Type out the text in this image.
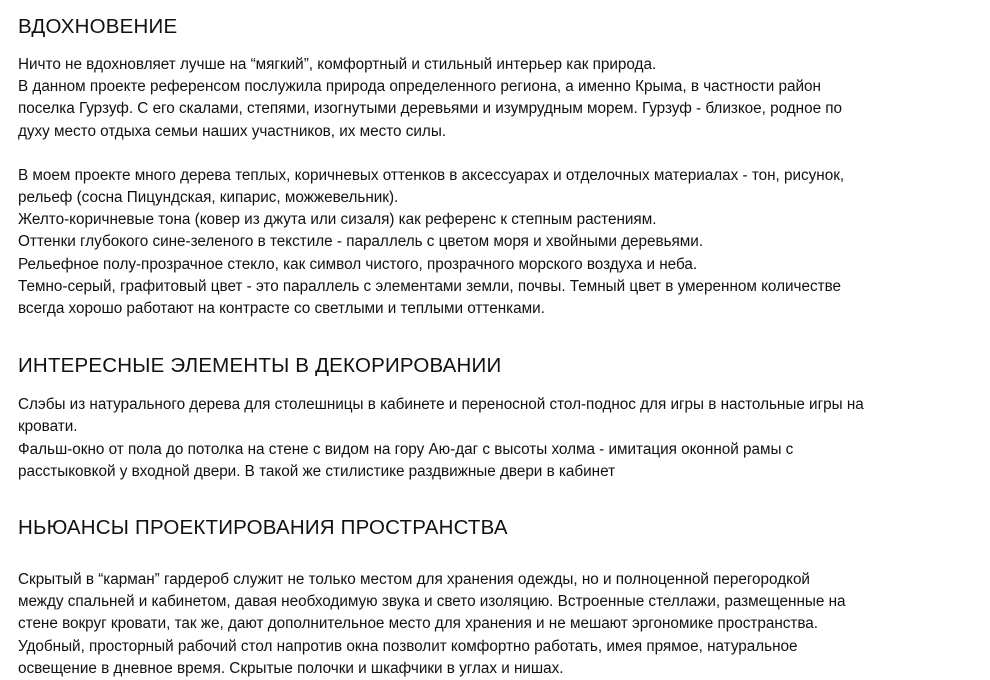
ВДОХНОВЕНИЕ
Ничто не вдохновляет лучше на “мягкий”, комфортный и стильный интерьер как природа.
В данном проекте референсом послужила природа определенного региона, а именно Крыма, в частности район
поселка Гурзуф. С его скалами, степями, изогнутыми деревьями и изумрудным морем. Гурзуф - близкое, родное по
духу место отдыха семьи наших участников, их место силы.
В моем проекте много дерева теплых, коричневых оттенков в аксессуарах и отделочных материалах - тон, рисунок,
рельеф (сосна Пицундская, кипарис, можжевельник).
Желто-коричневые тона (ковер из джута или сизаля) как референс к степным растениям.
Оттенки глубокого сине-зеленого в текстиле - параллель с цветом моря и хвойными деревьями.
Рельефное полу-прозрачное стекло, как символ чистого, прозрачного морского воздуха и неба.
Темно-серый, графитовый цвет - это параллель с элементами земли, почвы. Темный цвет в умеренном количестве
всегда хорошо работают на контрасте со светлыми и теплыми оттенками.
ИНТЕРЕСНЫЕ ЭЛЕМЕНТЫ В ДЕКОРИРОВАНИИ
Слэбы из натурального дерева для столешницы в кабинете и переносной стол-поднос для игры в настольные игры на
кровати.
Фальш-окно от пола до потолка на стене с видом на гору Аю-даг с высоты холма - имитация оконной рамы с
расстыковкой у входной двери. В такой же стилистике раздвижные двери в кабинет
НЬЮАНСЫ ПРОЕКТИРОВАНИЯ ПРОСТРАНСТВА
Скрытый в “карман” гардероб служит не только местом для хранения одежды, но и полноценной перегородкой
между спальней и кабинетом, давая необходимую звука и свето изоляцию. Встроенные стеллажи, размещенные на
стене вокруг кровати, так же, дают дополнительное место для хранения и не мешают эргономике пространства.
Удобный, просторный рабочий стол напротив окна позволит комфортно работать, имея прямое, натуральное
освещение в дневное время. Скрытые полочки и шкафчики в углах и нишах.
